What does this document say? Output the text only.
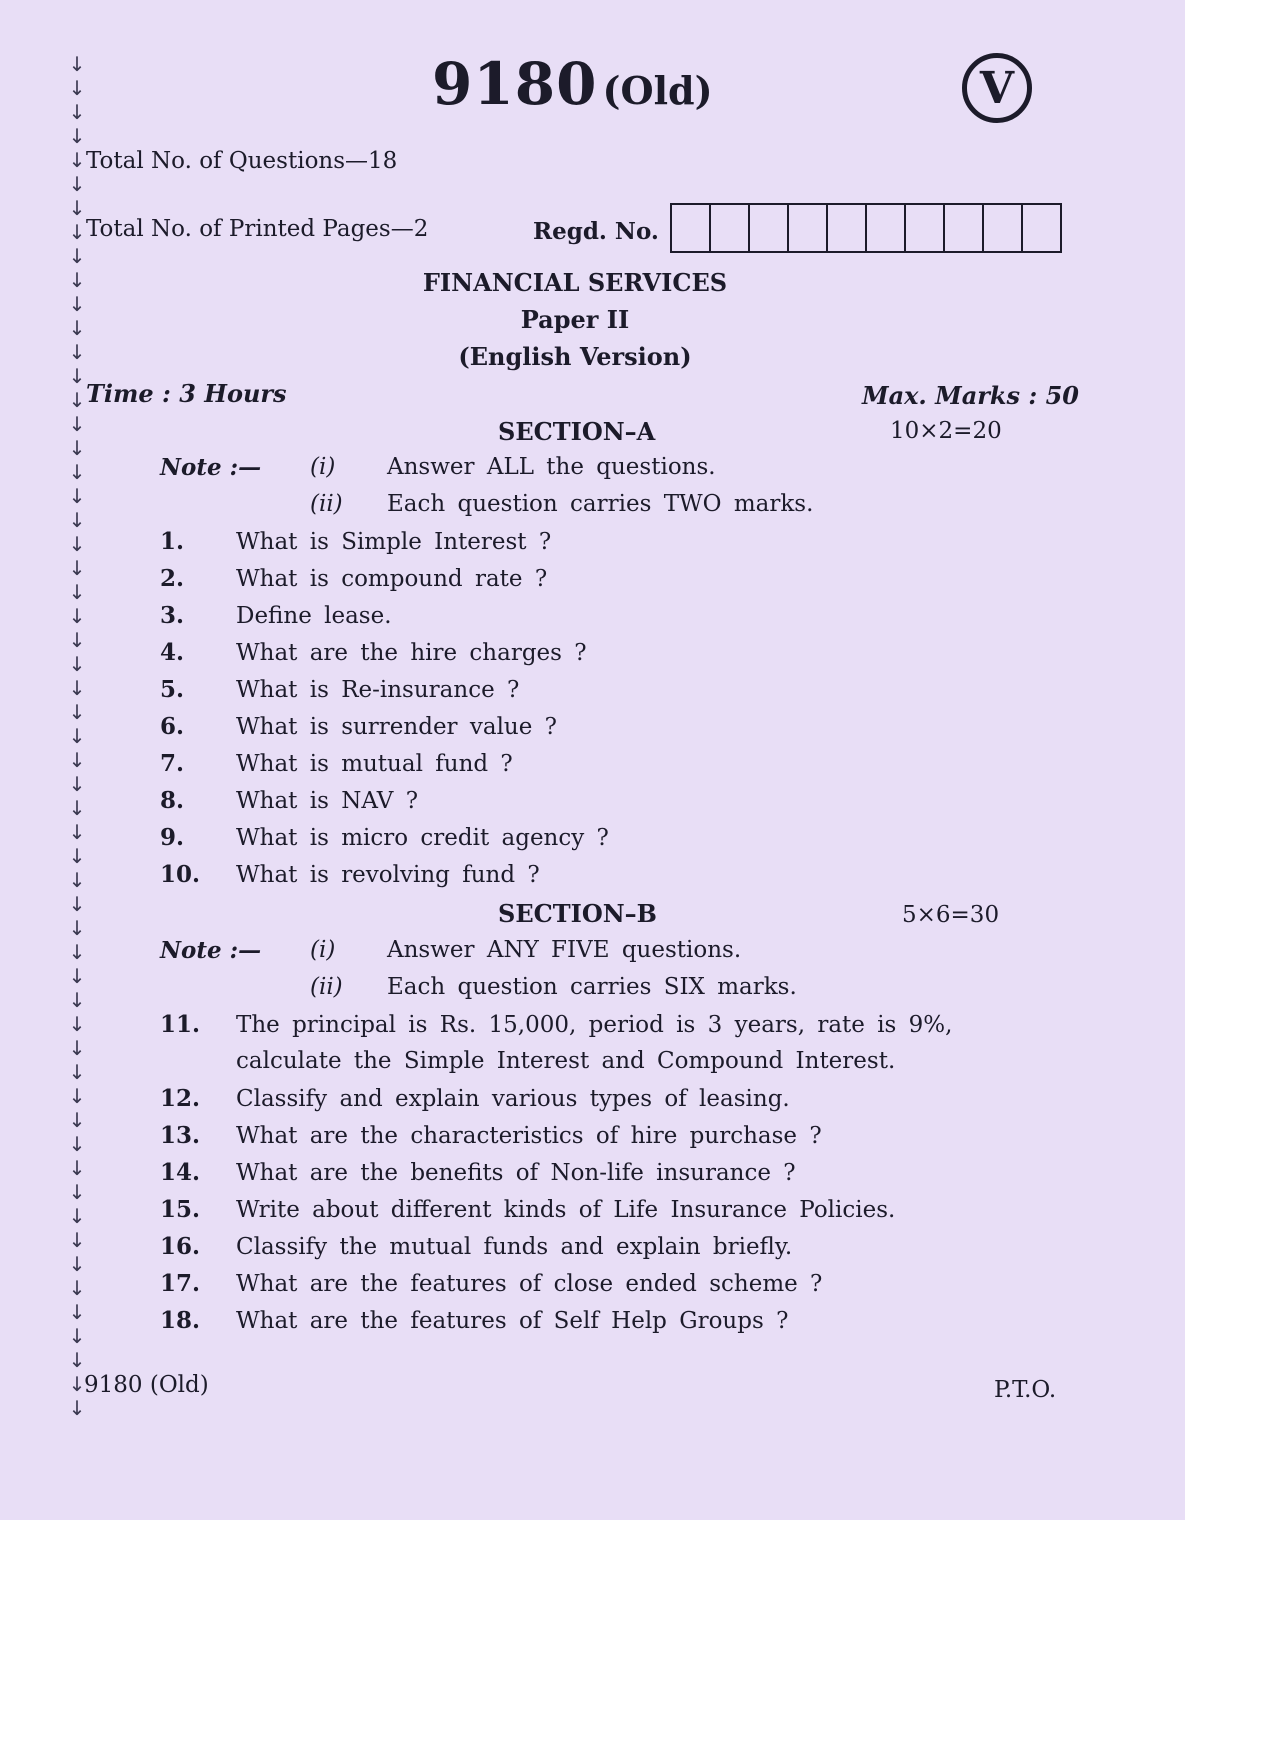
↓
↓
↓
↓
↓
↓
↓
↓
↓
↓
↓
↓
↓
↓
↓
↓
↓
↓
↓
↓
↓
↓
↓
↓
↓
↓
↓
↓
↓
↓
↓
↓
↓
↓
↓
↓
↓
↓
↓
↓
↓
↓
↓
↓
↓
↓
↓
↓
↓
↓
↓
↓
↓
↓
↓
↓
↓
9180 (Old)	V
Total No. of Questions—18
Total No. of Printed Pages—2	Regd. No.
FINANCIAL SERVICES
Paper II
(English Version)
Time : 3 Hours	Max. Marks : 50
SECTION–A	10×2=20
Note :— (i) Answer ALL the questions.
(ii) Each question carries TWO marks.
1. What is Simple Interest ?
2. What is compound rate ?
3. Define lease.
4. What are the hire charges ?
5. What is Re-insurance ?
6. What is surrender value ?
7. What is mutual fund ?
8. What is NAV ?
9. What is micro credit agency ?
10. What is revolving fund ?
SECTION–B	5×6=30
Note :— (i) Answer ANY FIVE questions.
(ii) Each question carries SIX marks.
11. The principal is Rs. 15,000, period is 3 years, rate is 9%,
calculate the Simple Interest and Compound Interest.
12. Classify and explain various types of leasing.
13. What are the characteristics of hire purchase ?
14. What are the benefits of Non-life insurance ?
15. Write about different kinds of Life Insurance Policies.
16. Classify the mutual funds and explain briefly.
17. What are the features of close ended scheme ?
18. What are the features of Self Help Groups ?
9180 (Old)	P.T.O.
